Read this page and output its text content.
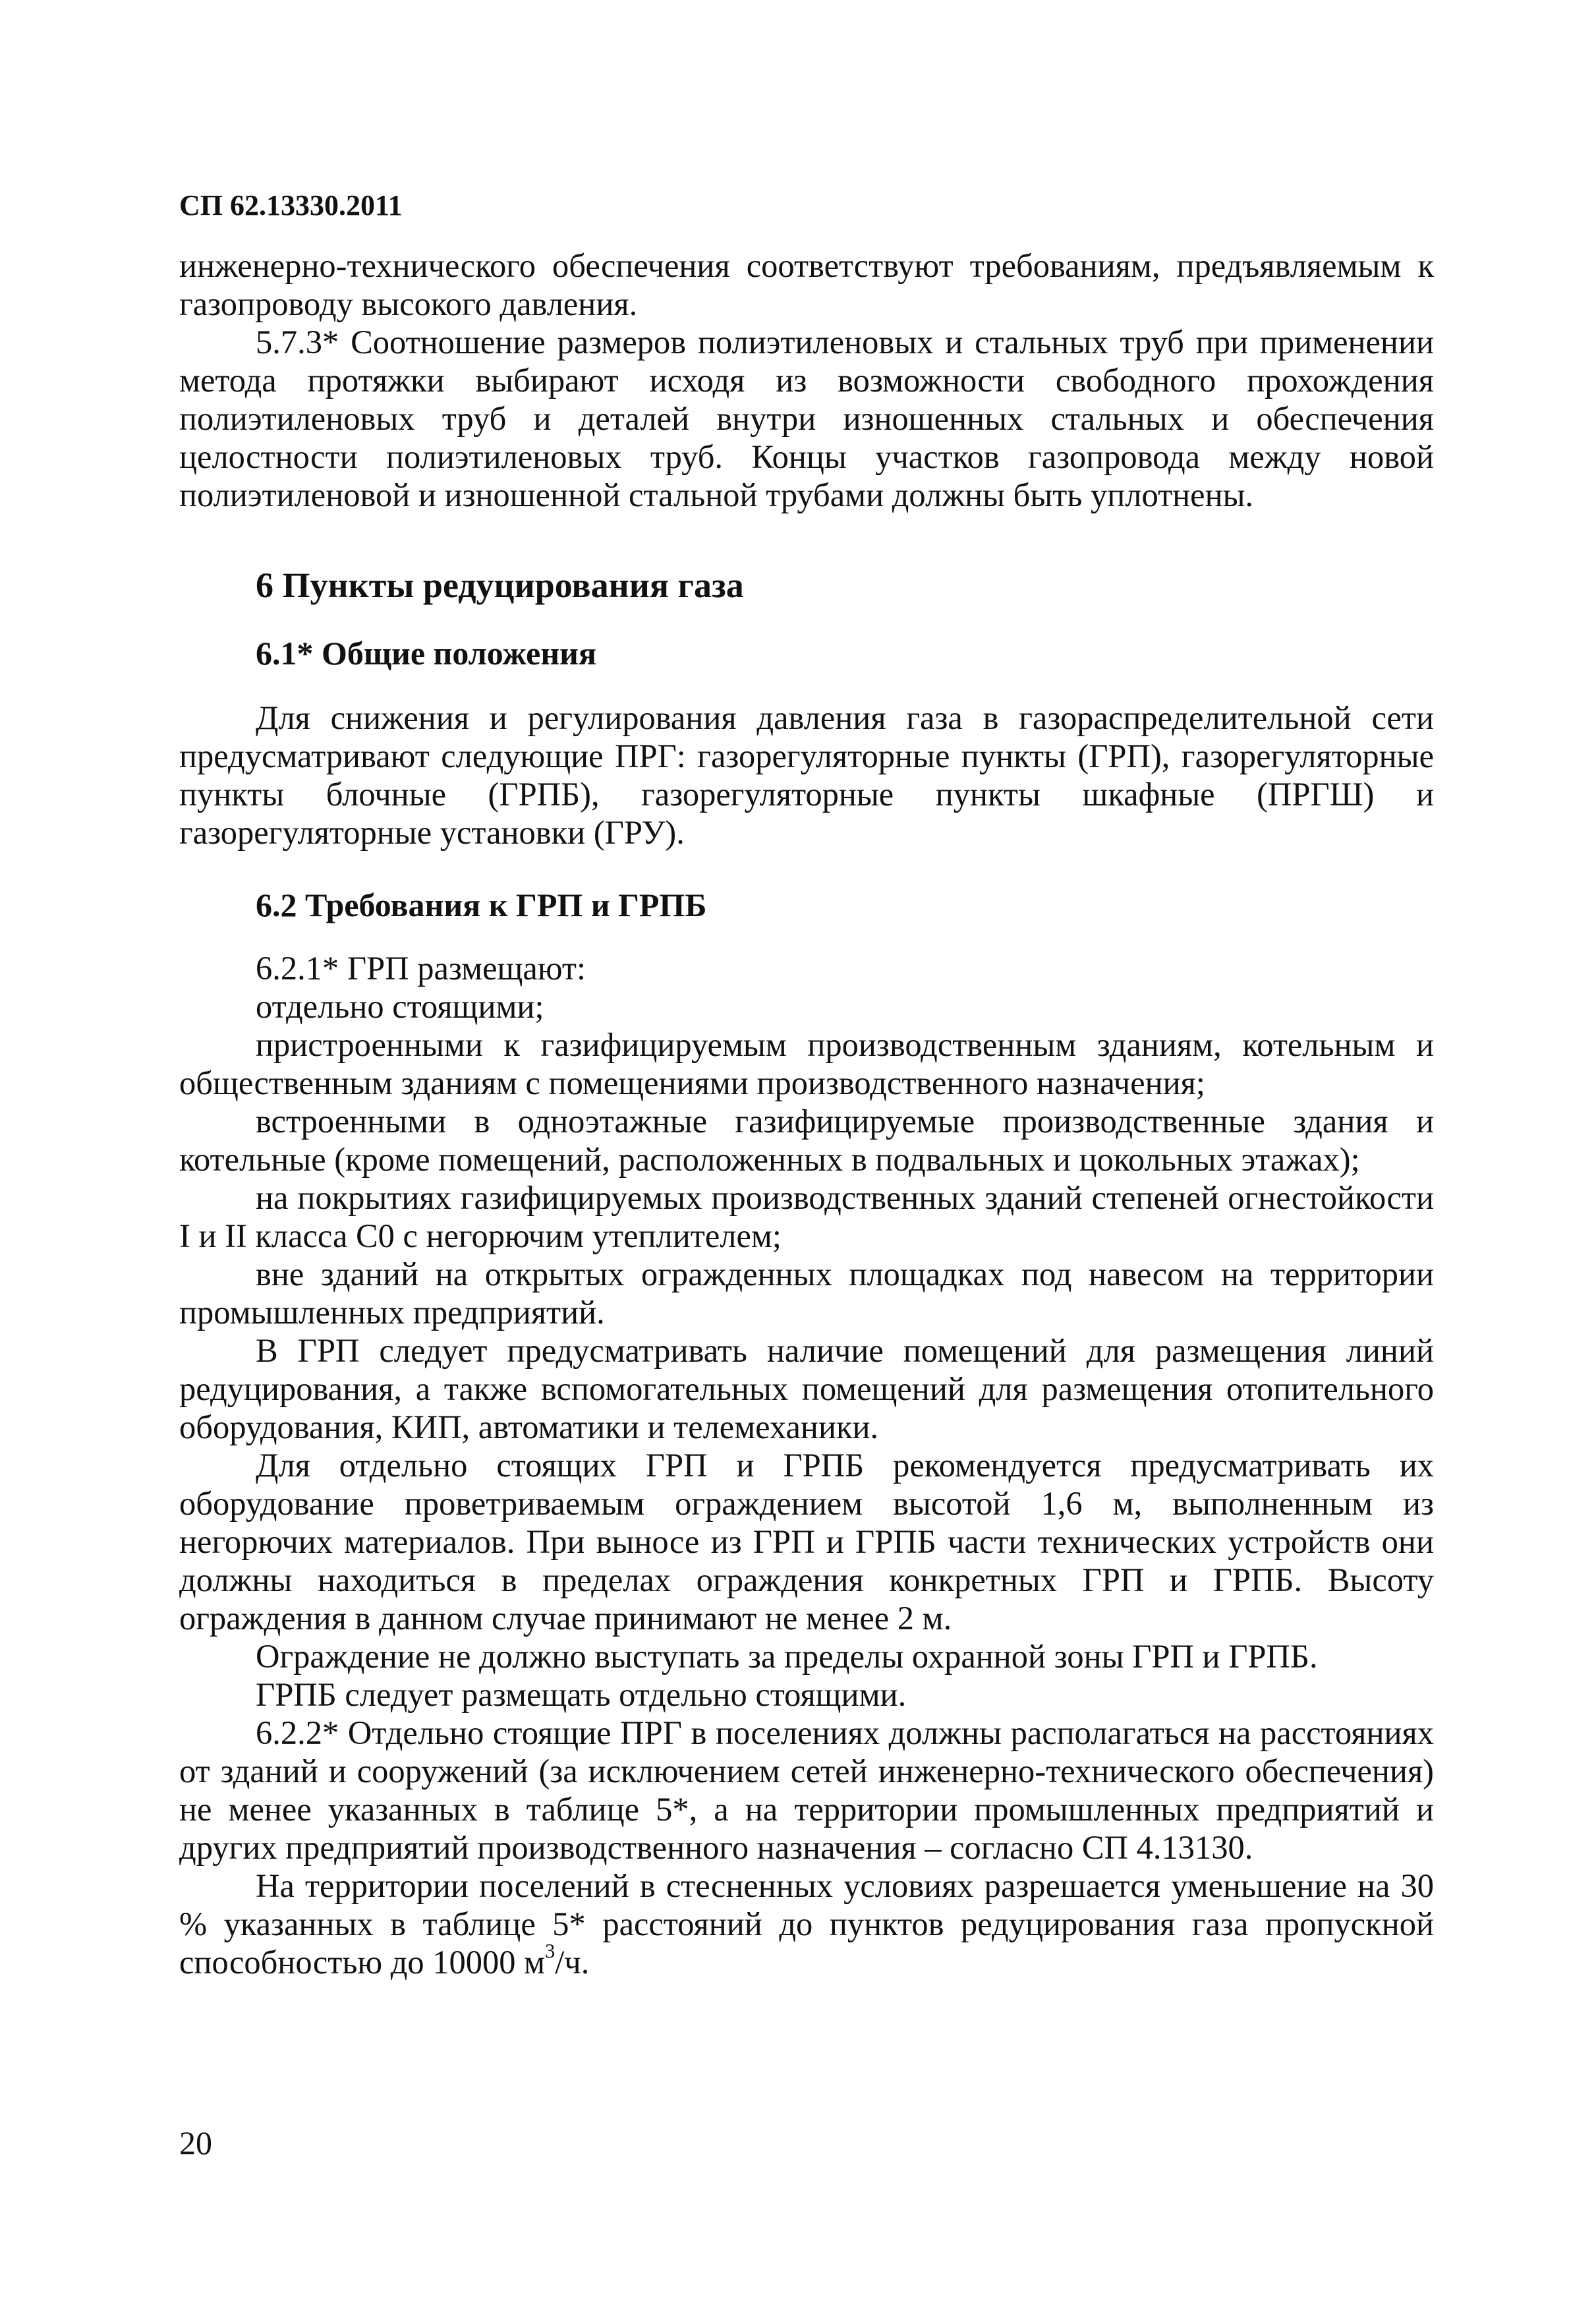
СП 62.13330.2011

инженерно-технического обеспечения соответствуют требованиям, предъявляемым к газопроводу высокого давления.

5.7.3* Соотношение размеров полиэтиленовых и стальных труб при применении метода протяжки выбирают исходя из возможности свободного прохождения полиэтиленовых труб и деталей внутри изношенных стальных и обеспечения целостности полиэтиленовых труб. Концы участков газопровода между новой полиэтиленовой и изношенной стальной трубами должны быть уплотнены.

6 Пункты редуцирования газа
6.1* Общие положения

Для снижения и регулирования давления газа в газораспределительной сети предусматривают следующие ПРГ: газорегуляторные пункты (ГРП), газорегуляторные пункты блочные (ГРПБ), газорегуляторные пункты шкафные (ПРГШ) и газорегуляторные установки (ГРУ).

6.2 Требования к ГРП и ГРПБ

6.2.1* ГРП размещают:

отдельно стоящими;

пристроенными к газифицируемым производственным зданиям, котельным и общественным зданиям с помещениями производственного назначения;

встроенными в одноэтажные газифицируемые производственные здания и котельные (кроме помещений, расположенных в подвальных и цокольных этажах);

на покрытиях газифицируемых производственных зданий степеней огнестойкости I и II класса С0 с негорючим утеплителем;

вне зданий на открытых огражденных площадках под навесом на территории промышленных предприятий.

В ГРП следует предусматривать наличие помещений для размещения линий редуцирования, а также вспомогательных помещений для размещения отопительного оборудования, КИП, автоматики и телемеханики.

Для отдельно стоящих ГРП и ГРПБ рекомендуется предусматривать их оборудование проветриваемым ограждением высотой 1,6 м, выполненным из негорючих материалов. При выносе из ГРП и ГРПБ части технических устройств они должны находиться в пределах ограждения конкретных ГРП и ГРПБ. Высоту ограждения в данном случае принимают не менее 2 м.

Ограждение не должно выступать за пределы охранной зоны ГРП и ГРПБ.

ГРПБ следует размещать отдельно стоящими.

6.2.2* Отдельно стоящие ПРГ в поселениях должны располагаться на расстояниях от зданий и сооружений (за исключением сетей инженерно-технического обеспечения) не менее указанных в таблице 5*, а на территории промышленных предприятий и других предприятий производственного назначения – согласно СП 4.13130.

На территории поселений в стесненных условиях разрешается уменьшение на 30 % указанных в таблице 5* расстояний до пунктов редуцирования газа пропускной способностью до 10000 $м^3/ч$.

20
